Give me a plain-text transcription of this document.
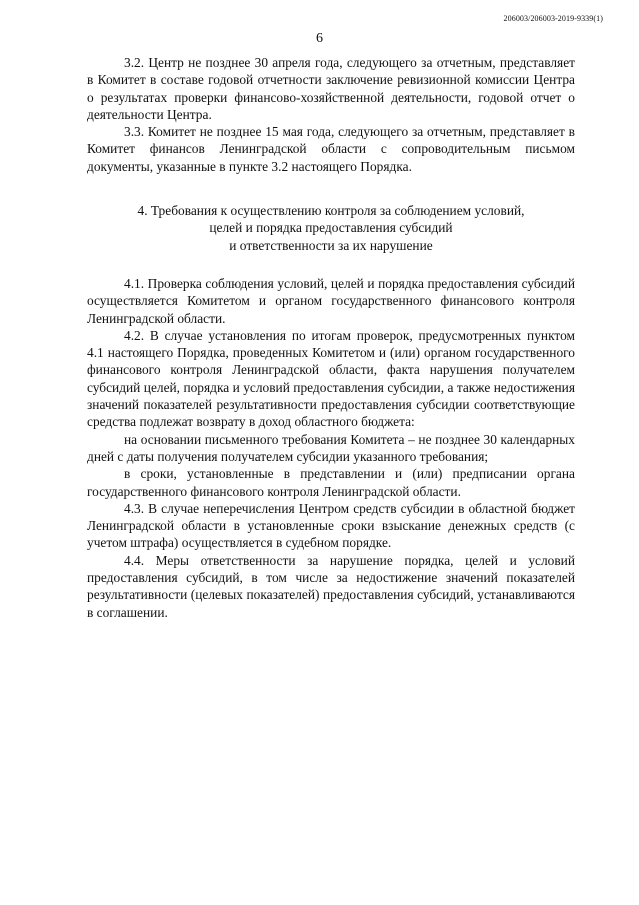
206003/206003-2019-9339(1)
6

3.2. Центр не позднее 30 апреля года, следующего за отчетным, представляет в Комитет в составе годовой отчетности заключение ревизионной комиссии Центра о результатах проверки финансово-хозяйственной деятельности, годовой отчет о деятельности Центра.

3.3. Комитет не позднее 15 мая года, следующего за отчетным, представляет в Комитет финансов Ленинградской области с сопроводительным письмом документы, указанные в пункте 3.2 настоящего Порядка.

4. Требования к осуществлению контроля за соблюдением условий,
целей и порядка предоставления субсидий
и ответственности за их нарушение

4.1. Проверка соблюдения условий, целей и порядка предоставления субсидий осуществляется Комитетом и органом государственного финансового контроля Ленинградской области.

4.2. В случае установления по итогам проверок, предусмотренных пунктом 4.1 настоящего Порядка, проведенных Комитетом и (или) органом государственного финансового контроля Ленинградской области, факта нарушения получателем субсидий целей, порядка и условий предоставления субсидии, а также недостижения значений показателей результативности предоставления субсидии соответствующие средства подлежат возврату в доход областного бюджета:

на основании письменного требования Комитета – не позднее 30 календарных дней с даты получения получателем субсидии указанного требования;

в сроки, установленные в представлении и (или) предписании органа государственного финансового контроля Ленинградской области.

4.3. В случае неперечисления Центром средств субсидии в областной бюджет Ленинградской области в установленные сроки взыскание денежных средств (с учетом штрафа) осуществляется в судебном порядке.

4.4. Меры ответственности за нарушение порядка, целей и условий предоставления субсидий, в том числе за недостижение значений показателей результативности (целевых показателей) предоставления субсидий, устанавливаются в соглашении.
